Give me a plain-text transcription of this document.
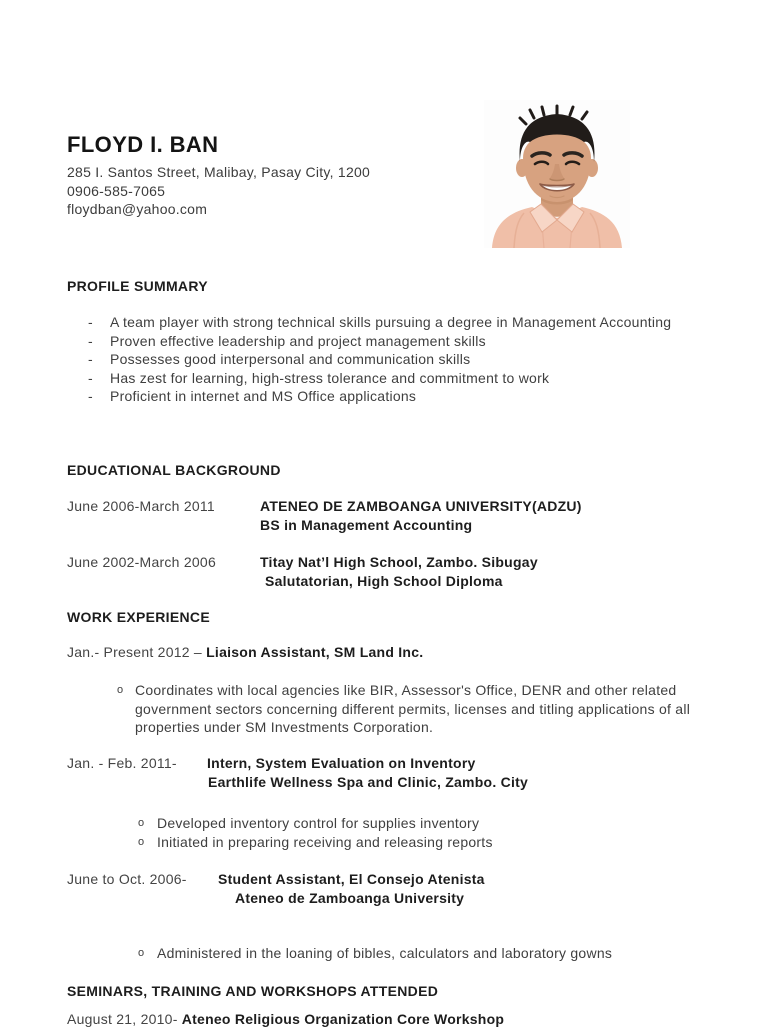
FLOYD I. BAN
285 I. Santos Street, Malibay, Pasay City, 1200
0906-585-7065
floydban@yahoo.com
PROFILE SUMMARY
-	A team player with strong technical skills pursuing a degree in Management Accounting
-	Proven effective leadership and project management skills
-	Possesses good interpersonal and communication skills
-	Has zest for learning, high-stress tolerance and commitment to work
-	Proficient in internet and MS Office applications
EDUCATIONAL BACKGROUND
June 2006-March 2011	ATENEO DE ZAMBOANGA UNIVERSITY(ADZU)
BS in Management Accounting
June 2002-March 2006	Titay Nat’l High School, Zambo. Sibugay
Salutatorian, High School Diploma
WORK EXPERIENCE
Jan.- Present 2012 – Liaison Assistant, SM Land Inc.
o Coordinates with local agencies like BIR, Assessor's Office, DENR and other related government sectors concerning different permits, licenses and titling applications of all properties under SM Investments Corporation.
Jan. - Feb. 2011- Intern, System Evaluation on Inventory
Earthlife Wellness Spa and Clinic, Zambo. City
o Developed inventory control for supplies inventory
o Initiated in preparing receiving and releasing reports
June to Oct. 2006- Student Assistant, El Consejo Atenista
Ateneo de Zamboanga University
o Administered in the loaning of bibles, calculators and laboratory gowns
SEMINARS, TRAINING AND WORKSHOPS ATTENDED
August 21, 2010- Ateneo Religious Organization Core Workshop
